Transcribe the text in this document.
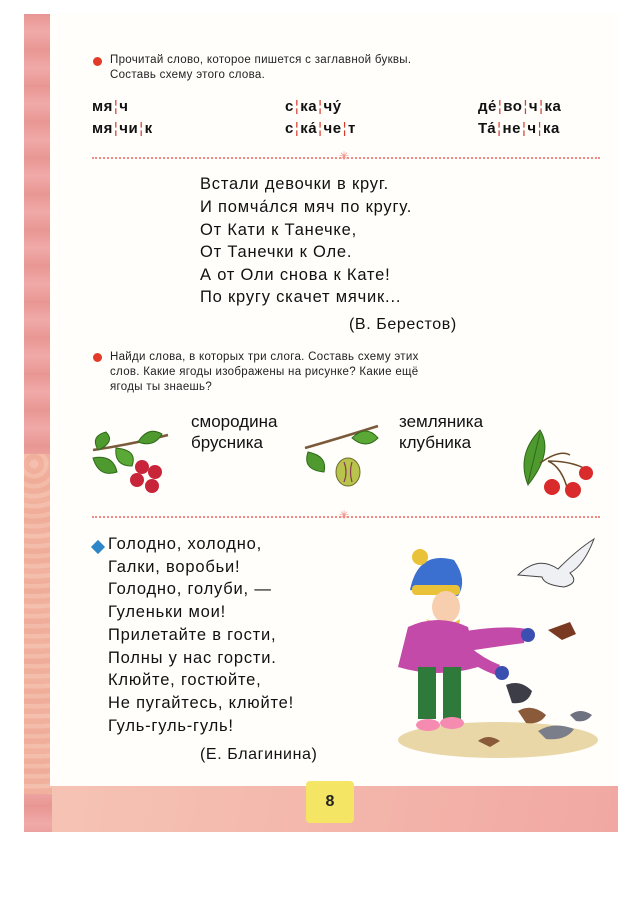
Прочитай слово, которое пишется с заглавной буквы.
Составь схему этого слова.
мя¦ч
мя¦чи¦к
с¦ка¦чу́
с¦ка́¦че¦т
де́¦во¦ч¦ка
Та́¦не¦ч¦ка
✳
Встали девочки в круг.
И помча́лся мяч по кругу.
От Кати к Танечке,
От Танечки к Оле.
А от Оли снова к Кате!
По кругу скачет мячик...
(В. Берестов)
Найди слова, в которых три слога. Составь схему этих
слов. Какие ягоды изображены на рисунке? Какие ещё
ягоды ты знаешь?
смородина
брусника
земляника
клубника
✳
Голодно, холодно,
Галки, воробьи!
Голодно, голуби, —
Гуленьки мои!
Прилетайте в гости,
Полны у нас горсти.
Клюйте, гостюйте,
Не пугайтесь, клюйте!
Гуль-гуль-гуль!
(Е. Благинина)
8
